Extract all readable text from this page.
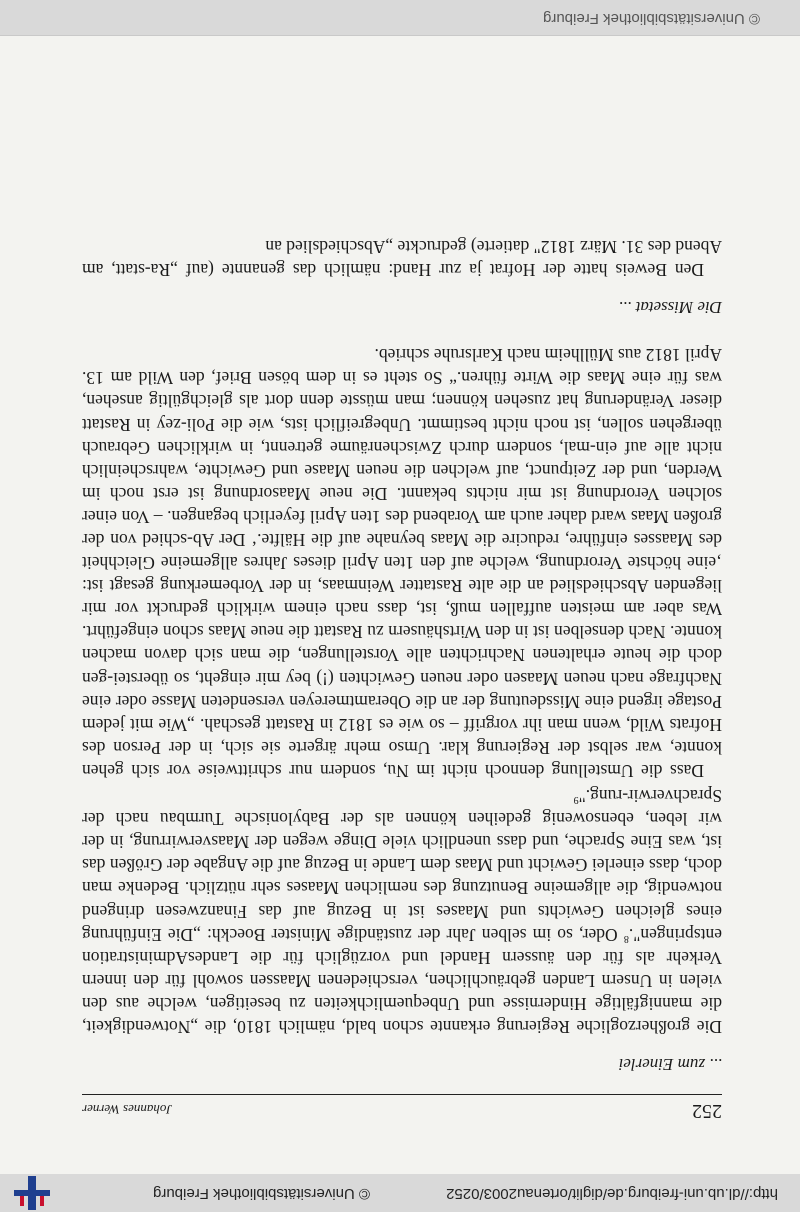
http://dl.ub.uni-freiburg.de/diglit/ortenau2003/0252
© Universitätsbibliothek Freiburg
252
Johannes Werner
... zum Einerlei

Die großherzogliche Regierung erkannte schon bald, nämlich 1810, die „Notwendigkeit, die mannigfältige Hindernisse und Unbequemlichkeiten zu beseitigen, welche aus den vielen in Unsern Landen gebräuchlichen, verschiedenen Maassen sowohl für den innern Verkehr als für den äussern Handel und vorzüglich für die LandesAdministration entspringen".$^8$ Oder, so im selben Jahr der zuständige Minister Boeckh: „Die Einführung eines gleichen Gewichts und Maases ist in Bezug auf das Finanzwesen dringend notwendig, die allgemeine Benutzung des nemlichen Maases sehr nützlich. Bedenke man doch, dass einerlei Gewicht und Maas dem Lande in Bezug auf die Angabe der Größen das ist, was Eine Sprache, und dass unendlich viele Dinge wegen der Maasverwirrung, in der wir leben, ebensowenig gedeihen können als der Babylonische Turmbau nach der Sprachverwir-rung."$^9$

Dass die Umstellung dennoch nicht im Nu, sondern nur schrittweise vor sich gehen konnte, war selbst der Regierung klar. Umso mehr ärgerte sie sich, in der Person des Hofrats Wild, wenn man ihr vorgriff – so wie es 1812 in Rastatt geschah. „Wie mit jedem Postage irgend eine Missdeutung der an die Oberamtmereyen versendeten Masse oder eine Nachfrage nach neuen Maasen oder neuen Gewichten (!) bey mir eingeht, so überstei-gen doch die heute erhaltenen Nachrichten alle Vorstellungen, die man sich davon machen konnte. Nach denselben ist in den Wirtshäusern zu Rastatt die neue Maas schon eingeführt. Was aber am meisten auffallen muß, ist, dass nach einem wirklich gedruckt vor mir liegenden Abschiedslied an die alte Rastatter Weinmaas, in der Vorbemerkung gesagt ist: ‚eine höchste Verordnung, welche auf den 1ten April dieses Jahres allgemeine Gleichheit des Maasses einführe, reducire die Maas beynahe auf die Hälfte.‘ Der Ab-schied von der großen Maas ward daher auch am Vorabend des 1ten April feyerlich begangen. – Von einer solchen Verordnung ist mir nichts bekannt. Die neue Maasordnung ist erst noch im Werden, und der Zeitpunct, auf welchen die neuen Maase und Gewichte, wahrscheinlich nicht alle auf ein-mal, sondern durch Zwischenräume getrennt, in wirklichen Gebrauch übergehen sollen, ist noch nicht bestimmt. Unbegreiflich ists, wie die Poli-zey in Rastatt dieser Veränderung hat zusehen können; man müsste denn dort als gleichgültig ansehen, was für eine Maas die Wirte führen.“ So steht es in dem bösen Brief, den Wild am 13. April 1812 aus Müllheim nach Karlsruhe schrieb.

Die Missetat ...

Den Beweis hatte der Hofrat ja zur Hand: nämlich das genannte (auf „Ra-statt, am Abend des 31. März 1812" datierte) gedruckte „Abschiedslied an

© Universitätsbibliothek Freiburg
